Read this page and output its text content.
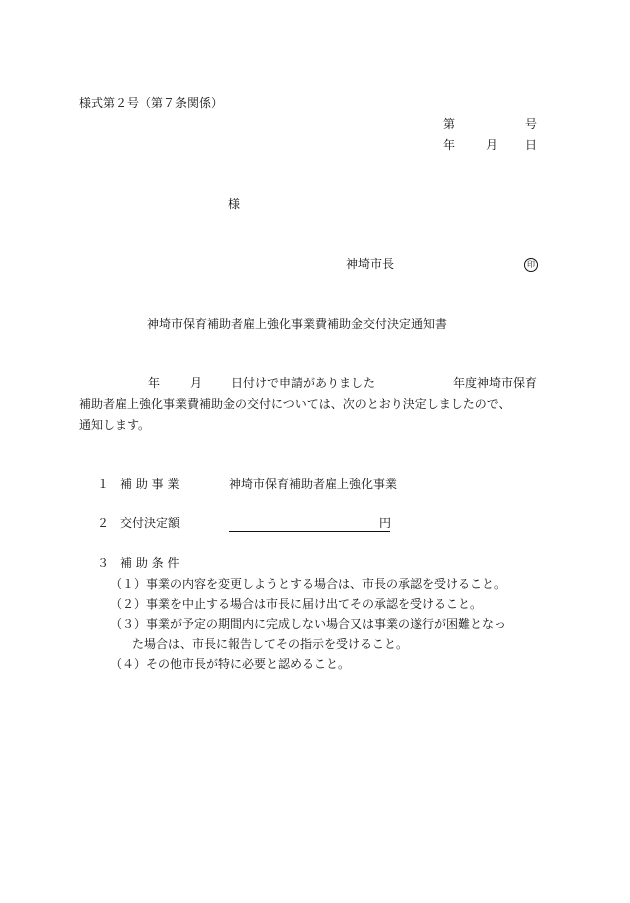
様式第２号（第７条関係）
第	号
年	月 日
様
神埼市長	印
神埼市保育補助者雇上強化事業費補助金交付決定通知書
年 月 日付けで申請がありました	年度神埼市保育
補助者雇上強化事業費補助金の交付については、次のとおり決定しましたので、
通知します。
１ 補 助 事 業	神埼市保育補助者雇上強化事業
２ 交付決定額	円
３ 補 助 条 件
（１）事業の内容を変更しようとする場合は、市長の承認を受けること。
（２）事業を中止する場合は市長に届け出てその承認を受けること。
（３）事業が予定の期間内に完成しない場合又は事業の遂行が困難となっ
た場合は、市長に報告してその指示を受けること。
（４）その他市長が特に必要と認めること。
